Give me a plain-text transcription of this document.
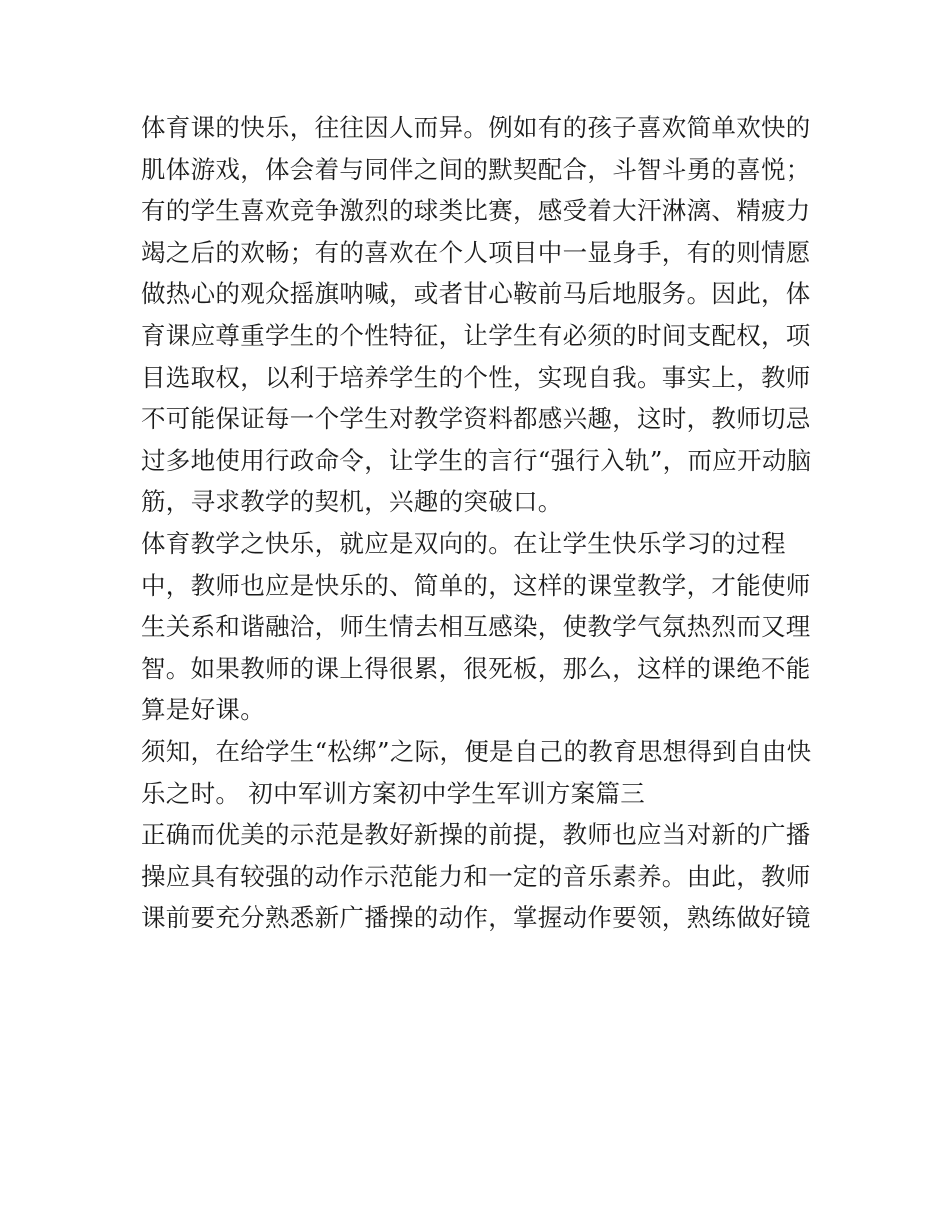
体育课的快乐，往往因人而异。例如有的孩子喜欢简单欢快的
肌体游戏，体会着与同伴之间的默契配合，斗智斗勇的喜悦；
有的学生喜欢竞争激烈的球类比赛，感受着大汗淋漓、精疲力
竭之后的欢畅；有的喜欢在个人项目中一显身手，有的则情愿
做热心的观众摇旗呐喊，或者甘心鞍前马后地服务。因此，体
育课应尊重学生的个性特征，让学生有必须的时间支配权，项
目选取权，以利于培养学生的个性，实现自我。事实上，教师
不可能保证每一个学生对教学资料都感兴趣，这时，教师切忌
过多地使用行政命令，让学生的言行“强行入轨”，而应开动脑
筋，寻求教学的契机，兴趣的突破口。
体育教学之快乐，就应是双向的。在让学生快乐学习的过程
中，教师也应是快乐的、简单的，这样的课堂教学，才能使师
生关系和谐融洽，师生情去相互感染，使教学气氛热烈而又理
智。如果教师的课上得很累，很死板，那么，这样的课绝不能
算是好课。
须知，在给学生“松绑”之际，便是自己的教育思想得到自由快
乐之时。 初中军训方案初中学生军训方案篇三
正确而优美的示范是教好新操的前提，教师也应当对新的广播
操应具有较强的动作示范能力和一定的音乐素养。由此，教师
课前要充分熟悉新广播操的动作，掌握动作要领，熟练做好镜
